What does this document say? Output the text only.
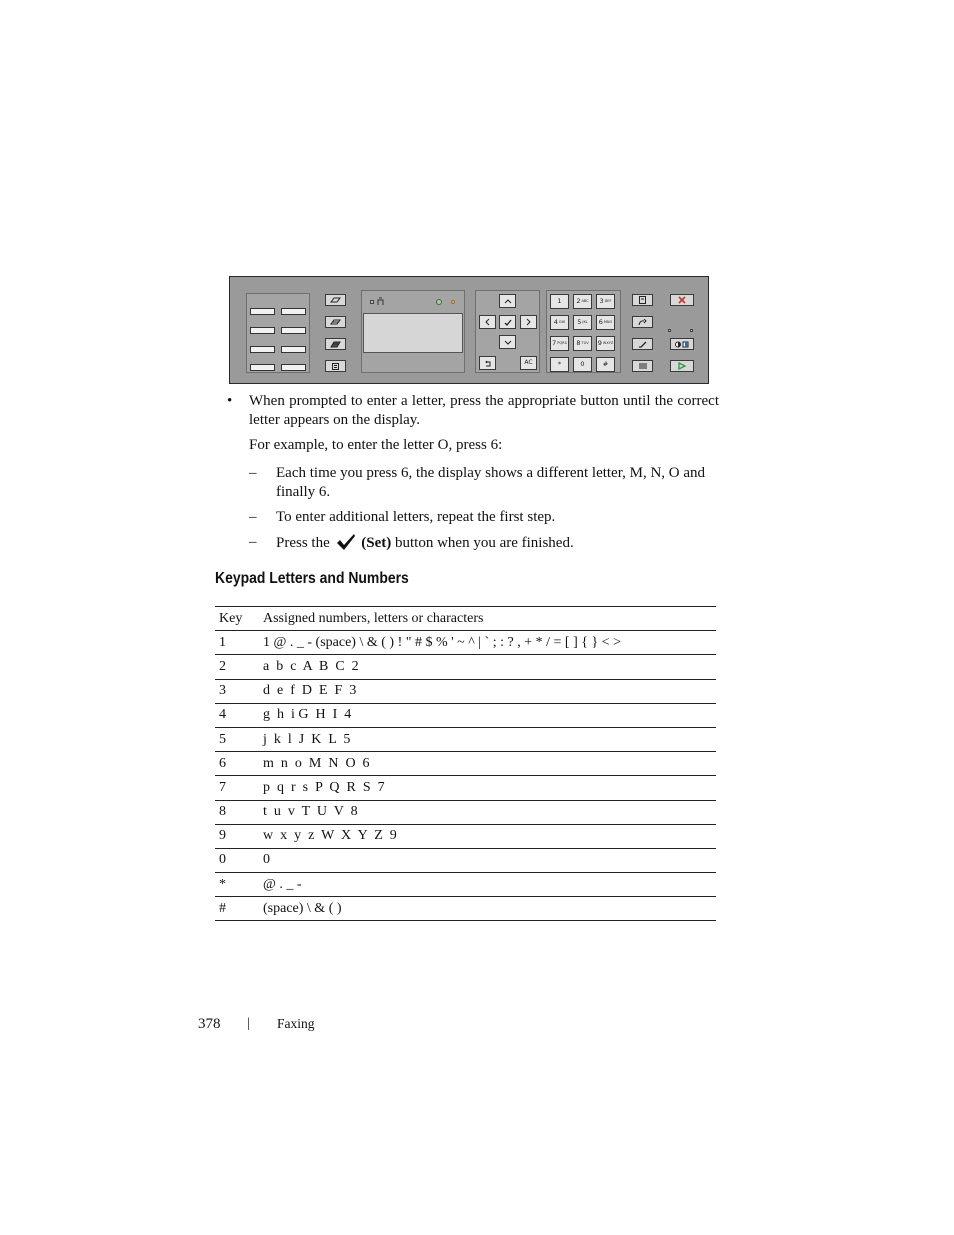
AC
1 2 ABC 3 DEF
4 GHI 5 JKL 6 MNO
7 PQRS 8 TUV 9 WXYZ
*	0	#
• When prompted to enter a letter, press the appropriate button until the correct letter appears on the display.
For example, to enter the letter O, press 6:
– Each time you press 6, the display shows a different letter, M, N, O and finally 6.
– To enter additional letters, repeat the first step.
– Press the (Set) button when you are finished.
Keypad Letters and Numbers
Key	Assigned numbers, letters or characters
1	1 @ . _ - (space) \ & ( ) ! " # $ % ' ~ ^ | ` ; : ? , + * / = [ ] { } < >
2	a  b  c  A  B  C  2
3	d  e  f  D  E  F  3
4	g  h  i G  H  I  4
5	j  k  l  J  K  L  5
6	m  n  o  M  N  O  6
7	p  q  r  s  P  Q  R  S  7
8	t  u  v  T  U  V  8
9	w  x  y  z  W  X  Y  Z  9
0	0
*	@ . _ -
#	(space) \ & ( )
378 | Faxing
